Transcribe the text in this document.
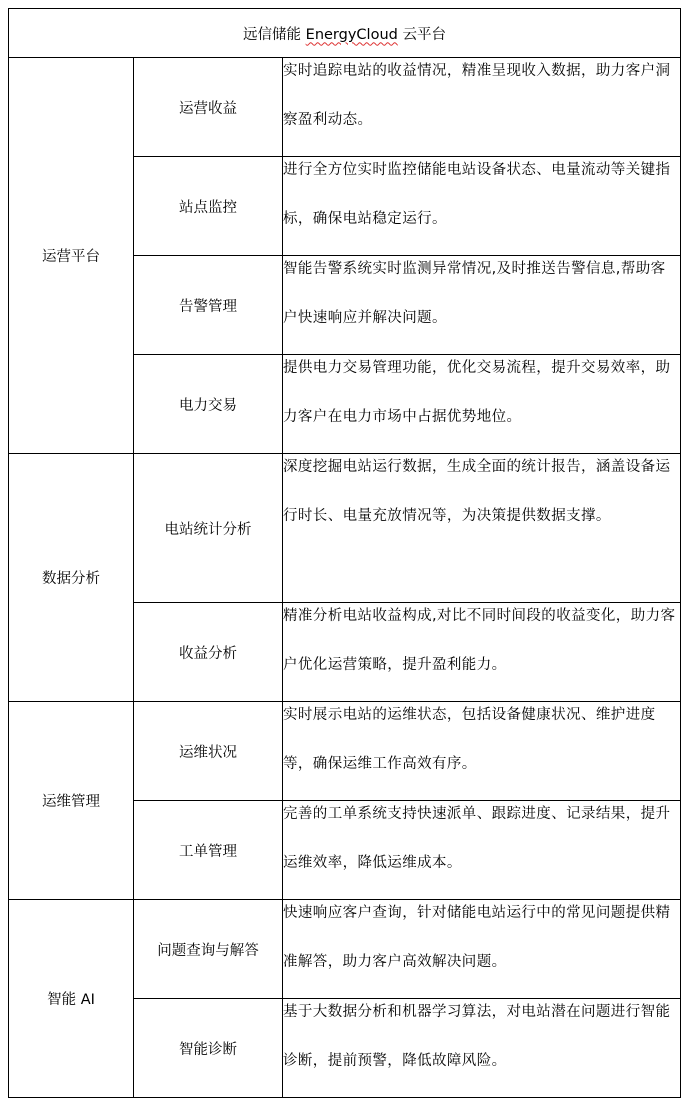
远信储能 EnergyCloud 云平台		
运营平台	运营收益	实时追踪电站的收益情况，精准呈现收入数据，助力客户洞察盈利动态。

	站点监控	进行全方位实时监控储能电站设备状态、电量流动等关键指标，确保电站稳定运行。

	告警管理	智能告警系统实时监测异常情况,及时推送告警信息,帮助客户快速响应并解决问题。

	电力交易	提供电力交易管理功能，优化交易流程，提升交易效率，助力客户在电力市场中占据优势地位。

数据分析	电站统计分析	深度挖掘电站运行数据，生成全面的统计报告，涵盖设备运行时长、电量充放情况等，为决策提供数据支撑。

	收益分析	精准分析电站收益构成,对比不同时间段的收益变化，助力客户优化运营策略，提升盈利能力。

运维管理	运维状况	实时展示电站的运维状态，包括设备健康状况、维护进度等，确保运维工作高效有序。

	工单管理	完善的工单系统支持快速派单、跟踪进度、记录结果，提升运维效率，降低运维成本。

智能 AI	问题查询与解答	快速响应客户查询，针对储能电站运行中的常见问题提供精准解答，助力客户高效解决问题。

	智能诊断	基于大数据分析和机器学习算法，对电站潜在问题进行智能诊断，提前预警，降低故障风险。
